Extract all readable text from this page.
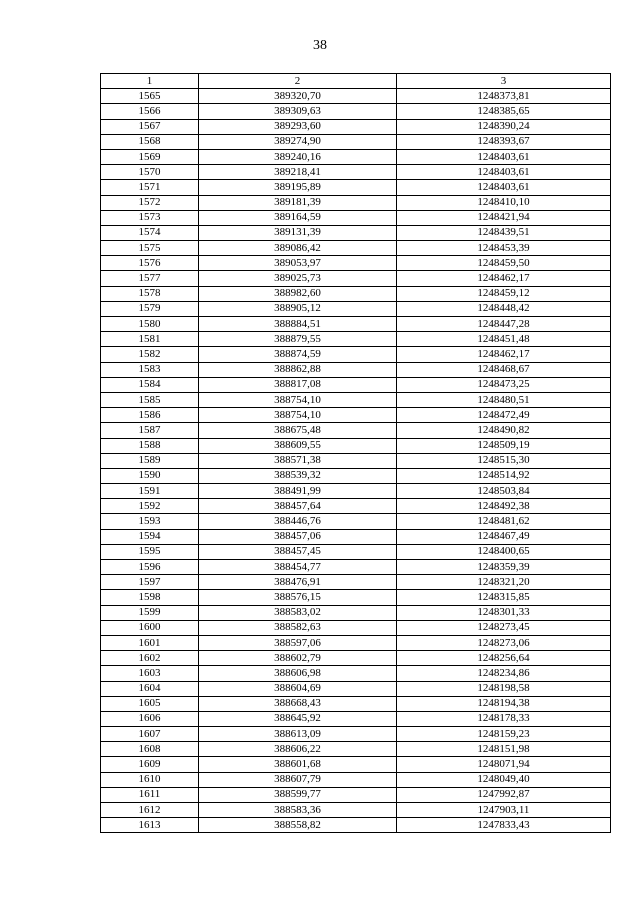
38
1	2	3
1565	389320,70	1248373,81
1566	389309,63	1248385,65
1567	389293,60	1248390,24
1568	389274,90	1248393,67
1569	389240,16	1248403,61
1570	389218,41	1248403,61
1571	389195,89	1248403,61
1572	389181,39	1248410,10
1573	389164,59	1248421,94
1574	389131,39	1248439,51
1575	389086,42	1248453,39
1576	389053,97	1248459,50
1577	389025,73	1248462,17
1578	388982,60	1248459,12
1579	388905,12	1248448,42
1580	388884,51	1248447,28
1581	388879,55	1248451,48
1582	388874,59	1248462,17
1583	388862,88	1248468,67
1584	388817,08	1248473,25
1585	388754,10	1248480,51
1586	388754,10	1248472,49
1587	388675,48	1248490,82
1588	388609,55	1248509,19
1589	388571,38	1248515,30
1590	388539,32	1248514,92
1591	388491,99	1248503,84
1592	388457,64	1248492,38
1593	388446,76	1248481,62
1594	388457,06	1248467,49
1595	388457,45	1248400,65
1596	388454,77	1248359,39
1597	388476,91	1248321,20
1598	388576,15	1248315,85
1599	388583,02	1248301,33
1600	388582,63	1248273,45
1601	388597,06	1248273,06
1602	388602,79	1248256,64
1603	388606,98	1248234,86
1604	388604,69	1248198,58
1605	388668,43	1248194,38
1606	388645,92	1248178,33
1607	388613,09	1248159,23
1608	388606,22	1248151,98
1609	388601,68	1248071,94
1610	388607,79	1248049,40
1611	388599,77	1247992,87
1612	388583,36	1247903,11
1613	388558,82	1247833,43
